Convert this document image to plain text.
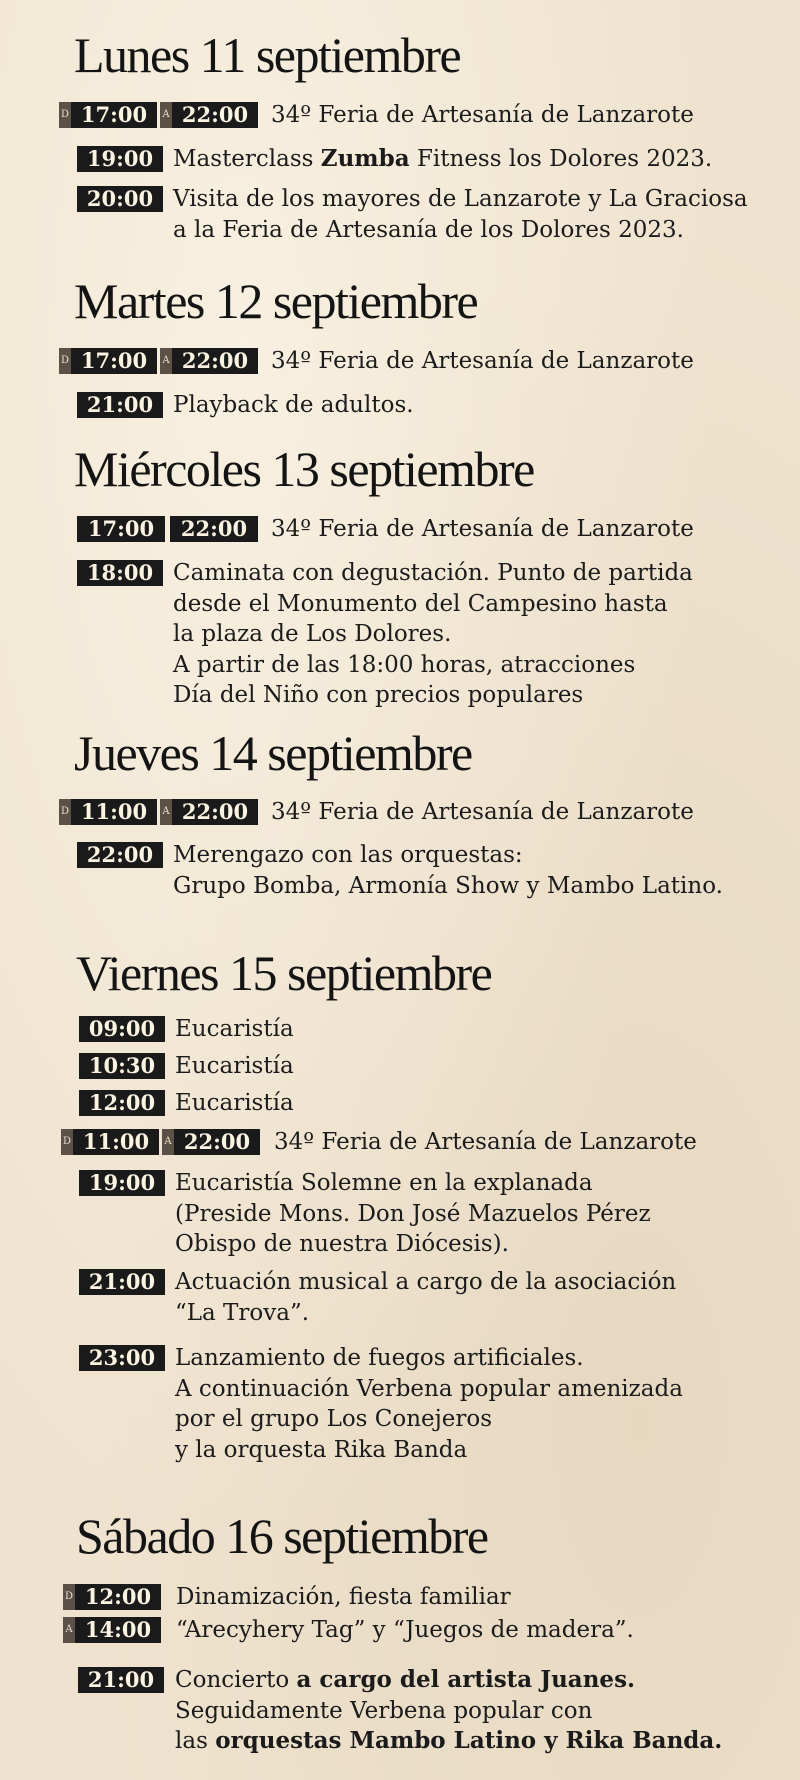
Lunes 11 septiembre
D 17:00	A 22:00 34º Feria de Artesanía de Lanzarote
19:00 Masterclass Zumba Fitness los Dolores 2023.
20:00 Visita de los mayores de Lanzarote y La Graciosa
a la Feria de Artesanía de los Dolores 2023.
Martes 12 septiembre
D 17:00	A 22:00 34º Feria de Artesanía de Lanzarote
21:00 Playback de adultos.
Miércoles 13 septiembre
17:00	22:00	34º Feria de Artesanía de Lanzarote
18:00 Caminata con degustación. Punto de partida
desde el Monumento del Campesino hasta
la plaza de Los Dolores.
A partir de las 18:00 horas, atracciones
Día del Niño con precios populares
Jueves 14 septiembre
D 11:00	A 22:00 34º Feria de Artesanía de Lanzarote
22:00 Merengazo con las orquestas:
Grupo Bomba, Armonía Show y Mambo Latino.
Viernes 15 septiembre
09:00 Eucaristía
10:30 Eucaristía
12:00 Eucaristía
D 11:00	A 22:00	34º Feria de Artesanía de Lanzarote
19:00 Eucaristía Solemne en la explanada
(Preside Mons. Don José Mazuelos Pérez
Obispo de nuestra Diócesis).
21:00 Actuación musical a cargo de la asociación
“La Trova”.
23:00 Lanzamiento de fuegos artificiales.
A continuación Verbena popular amenizada
por el grupo Los Conejeros
y la orquesta Rika Banda
Sábado 16 septiembre
D 12:00	Dinamización, fiesta familiar
A 14:00	“Arecyhery Tag” y “Juegos de madera”.
21:00 Concierto a cargo del artista Juanes.
Seguidamente Verbena popular con
las orquestas Mambo Latino y Rika Banda.
